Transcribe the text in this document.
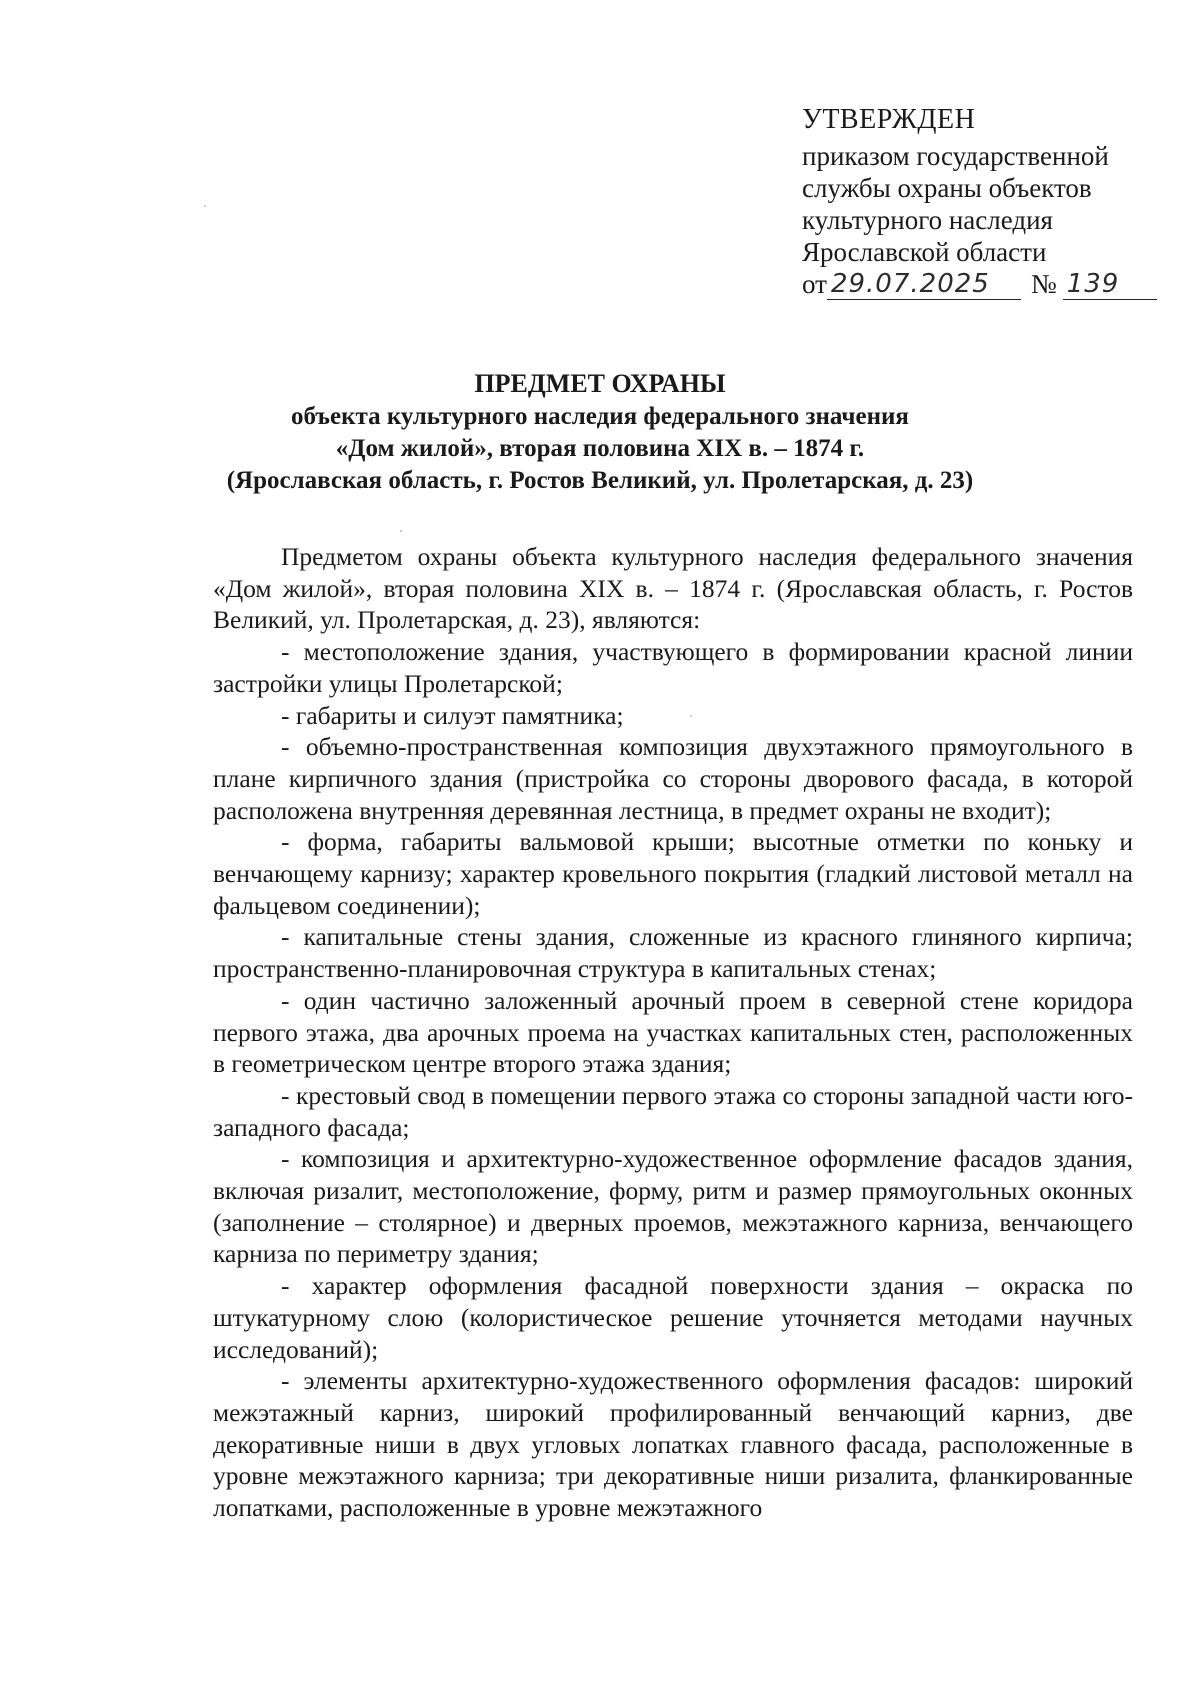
УТВЕРЖДЕН
приказом государственной
службы охраны объектов
культурного наследия
Ярославской области
от 29.07.2025 № 139
ПРЕДМЕТ ОХРАНЫ
объекта культурного наследия федерального значения
«Дом жилой», вторая половина XIX в. – 1874 г.
(Ярославская область, г. Ростов Великий, ул. Пролетарская, д. 23)

Предметом охраны объекта культурного наследия федерального значения «Дом жилой», вторая половина XIX в. – 1874 г. (Ярославская область, г. Ростов Великий, ул. Пролетарская, д. 23), являются:

- местоположение здания, участвующего в формировании красной линии застройки улицы Пролетарской;

- габариты и силуэт памятника;

- объемно-пространственная композиция двухэтажного прямоугольного в плане кирпичного здания (пристройка со стороны дворового фасада, в которой расположена внутренняя деревянная лестница, в предмет охраны не входит);

- форма, габариты вальмовой крыши; высотные отметки по коньку и венчающему карнизу; характер кровельного покрытия (гладкий листовой металл на фальцевом соединении);

- капитальные стены здания, сложенные из красного глиняного кирпича; пространственно-планировочная структура в капитальных стенах;

- один частично заложенный арочный проем в северной стене коридора первого этажа, два арочных проема на участках капитальных стен, расположенных в геометрическом центре второго этажа здания;

- крестовый свод в помещении первого этажа со стороны западной части юго-западного фасада;

- композиция и архитектурно-художественное оформление фасадов здания, включая ризалит, местоположение, форму, ритм и размер прямоугольных оконных (заполнение – столярное) и дверных проемов, межэтажного карниза, венчающего карниза по периметру здания;

- характер оформления фасадной поверхности здания – окраска по штукатурному слою (колористическое решение уточняется методами научных исследований);

- элементы архитектурно-художественного оформления фасадов: широкий межэтажный карниз, широкий профилированный венчающий карниз, две декоративные ниши в двух угловых лопатках главного фасада, расположенные в уровне межэтажного карниза; три декоративные ниши ризалита, фланкированные лопатками, расположенные в уровне межэтажного
